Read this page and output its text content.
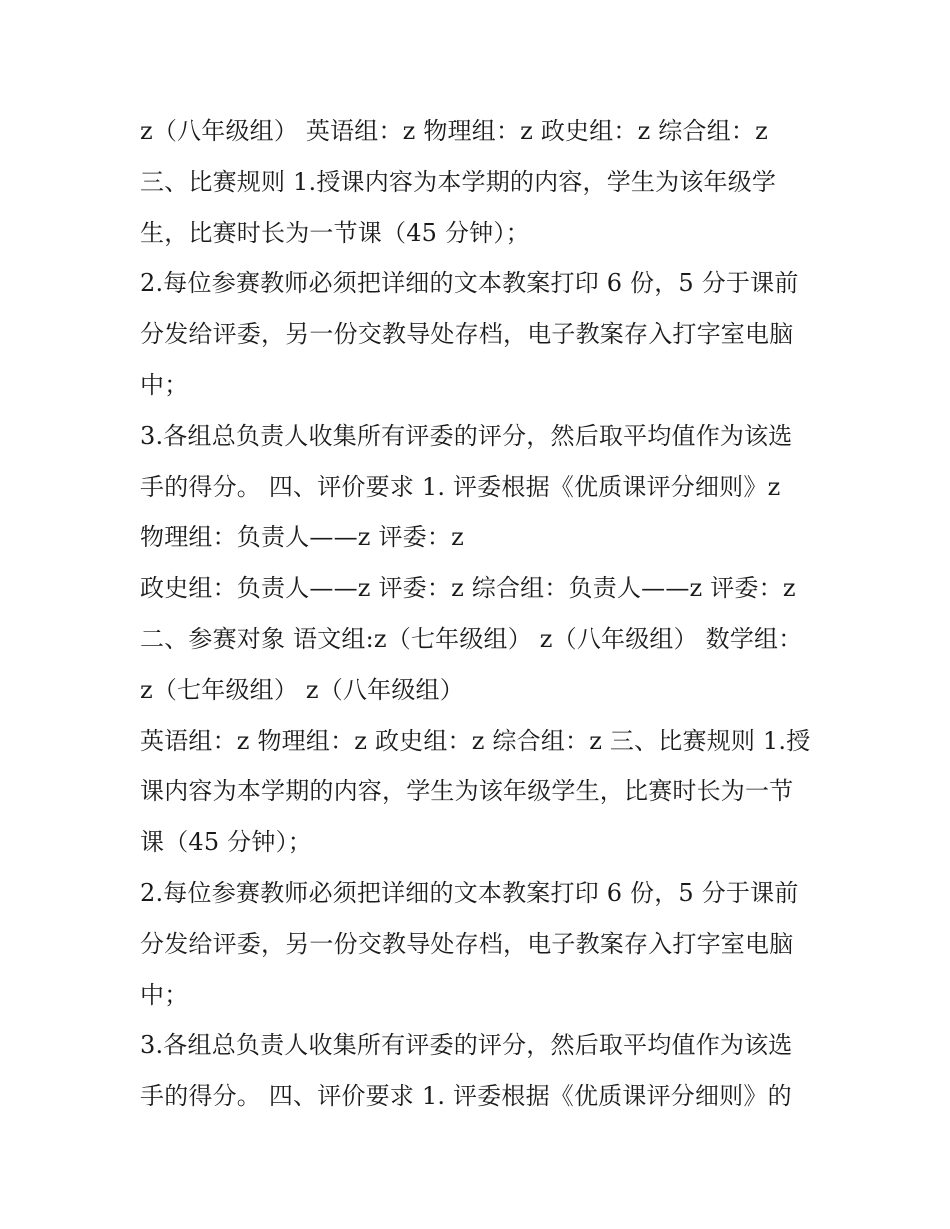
z（八年级组） 英语组：z 物理组：z 政史组：z 综合组：z
三、比赛规则 1.授课内容为本学期的内容，学生为该年级学
生，比赛时长为一节课（45 分钟）；
2.每位参赛教师必须把详细的文本教案打印 6 份，5 分于课前
分发给评委，另一份交教导处存档，电子教案存入打字室电脑
中；
3.各组总负责人收集所有评委的评分，然后取平均值作为该选
手的得分。 四、评价要求 1. 评委根据《优质课评分细则》z
物理组：负责人——z 评委：z
政史组：负责人——z 评委：z 综合组：负责人——z 评委：z
二、参赛对象 语文组:z（七年级组） z（八年级组） 数学组：
z（七年级组） z（八年级组）
英语组：z 物理组：z 政史组：z 综合组：z 三、比赛规则 1.授
课内容为本学期的内容，学生为该年级学生，比赛时长为一节
课（45 分钟）；
2.每位参赛教师必须把详细的文本教案打印 6 份，5 分于课前
分发给评委，另一份交教导处存档，电子教案存入打字室电脑
中；
3.各组总负责人收集所有评委的评分，然后取平均值作为该选
手的得分。 四、评价要求 1. 评委根据《优质课评分细则》的
